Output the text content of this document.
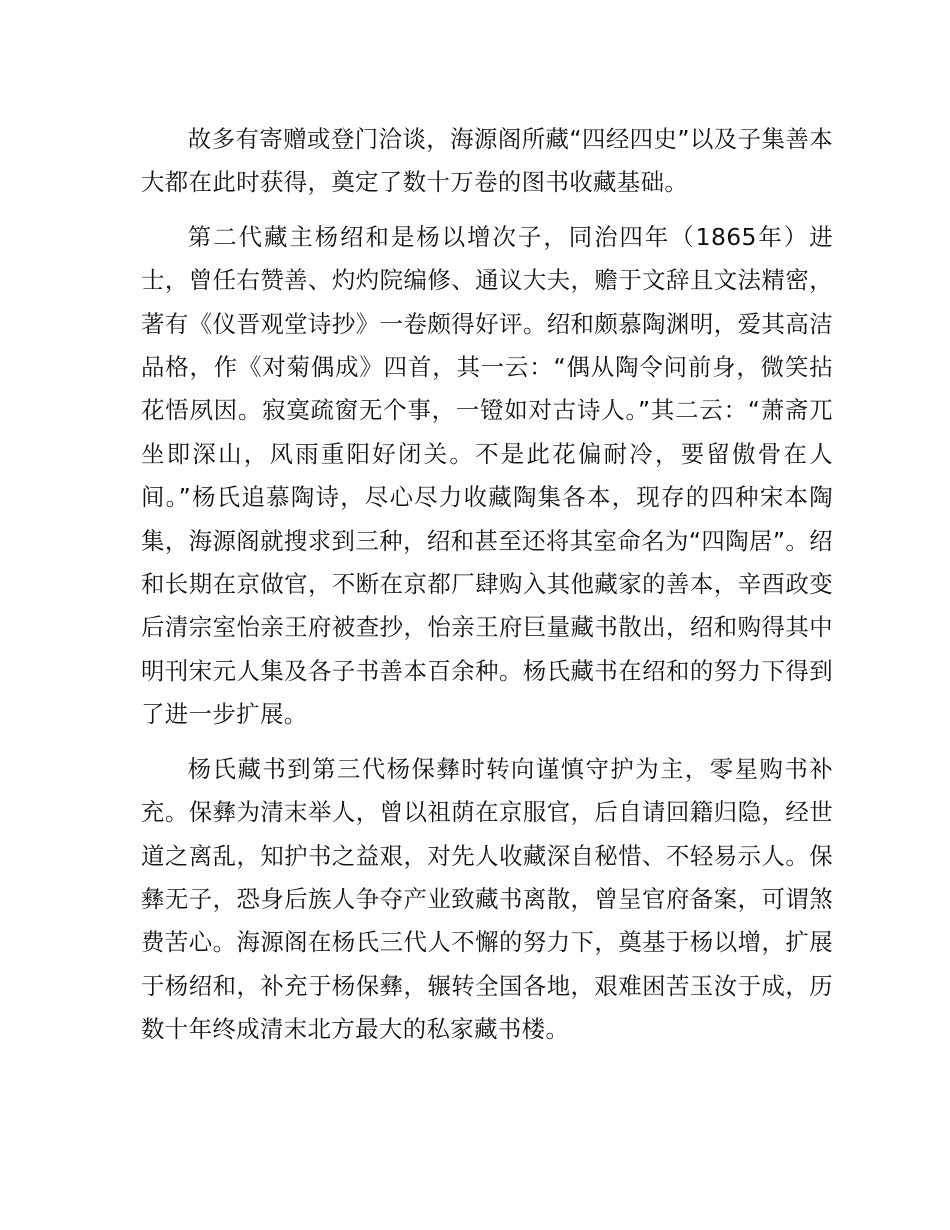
故多有寄赠或登门洽谈，海源阁所藏“四经四史”以及子集善本大都在此时获得，奠定了数十万卷的图书收藏基础。

第二代藏主杨绍和是杨以增次子，同治四年（1865年）进士，曾任右赞善、灼灼院编修、通议大夫，赡于文辞且文法精密，著有《仪晋观堂诗抄》一卷颇得好评。绍和颇慕陶渊明，爱其高洁品格，作《对菊偶成》四首，其一云：“偶从陶令问前身，微笑拈花悟夙因。寂寞疏窗无个事，一镫如对古诗人。”其二云：“萧斋兀坐即深山，风雨重阳好闭关。不是此花偏耐冷，要留傲骨在人间。”杨氏追慕陶诗，尽心尽力收藏陶集各本，现存的四种宋本陶集，海源阁就搜求到三种，绍和甚至还将其室命名为“四陶居”。绍和长期在京做官，不断在京都厂肆购入其他藏家的善本，辛酉政变后清宗室怡亲王府被查抄，怡亲王府巨量藏书散出，绍和购得其中明刊宋元人集及各子书善本百余种。杨氏藏书在绍和的努力下得到了进一步扩展。

杨氏藏书到第三代杨保彝时转向谨慎守护为主，零星购书补充。保彝为清末举人，曾以祖荫在京服官，后自请回籍归隐，经世道之离乱，知护书之益艰，对先人收藏深自秘惜、不轻易示人。保彝无子，恐身后族人争夺产业致藏书离散，曾呈官府备案，可谓煞费苦心。海源阁在杨氏三代人不懈的努力下，奠基于杨以增，扩展于杨绍和，补充于杨保彝，辗转全国各地，艰难困苦玉汝于成，历数十年终成清末北方最大的私家藏书楼。
